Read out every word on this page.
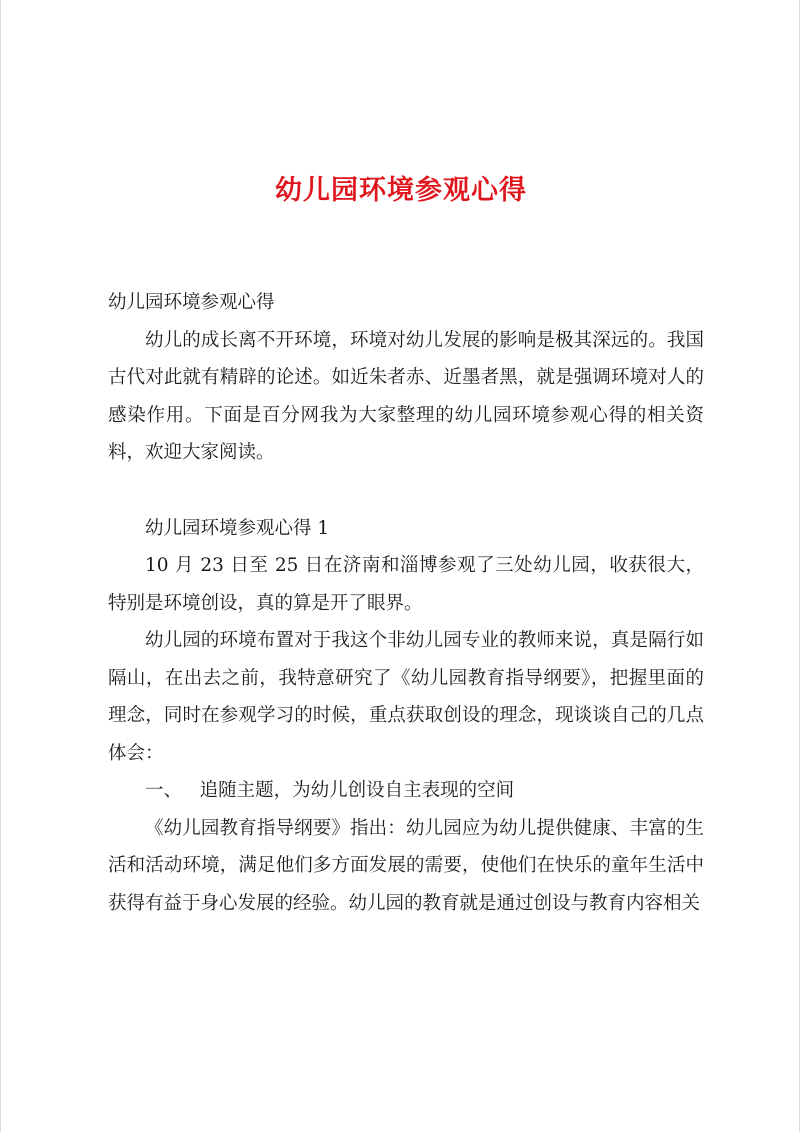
幼儿园环境参观心得

幼儿园环境参观心得

幼儿的成长离不开环境，环境对幼儿发展的影响是极其深远的。我国古代对此就有精辟的论述。如近朱者赤、近墨者黑，就是强调环境对人的感染作用。下面是百分网我为大家整理的幼儿园环境参观心得的相关资料，欢迎大家阅读。

幼儿园环境参观心得 1

10 月 23 日至 25 日在济南和淄博参观了三处幼儿园，收获很大，特别是环境创设，真的算是开了眼界。

幼儿园的环境布置对于我这个非幼儿园专业的教师来说，真是隔行如隔山，在出去之前，我特意研究了《幼儿园教育指导纲要》，把握里面的理念，同时在参观学习的时候，重点获取创设的理念，现谈谈自己的几点体会：

一、   追随主题，为幼儿创设自主表现的空间

《幼儿园教育指导纲要》指出：幼儿园应为幼儿提供健康、丰富的生活和活动环境，满足他们多方面发展的需要，使他们在快乐的童年生活中获得有益于身心发展的经验。幼儿园的教育就是通过创设与教育内容相关
